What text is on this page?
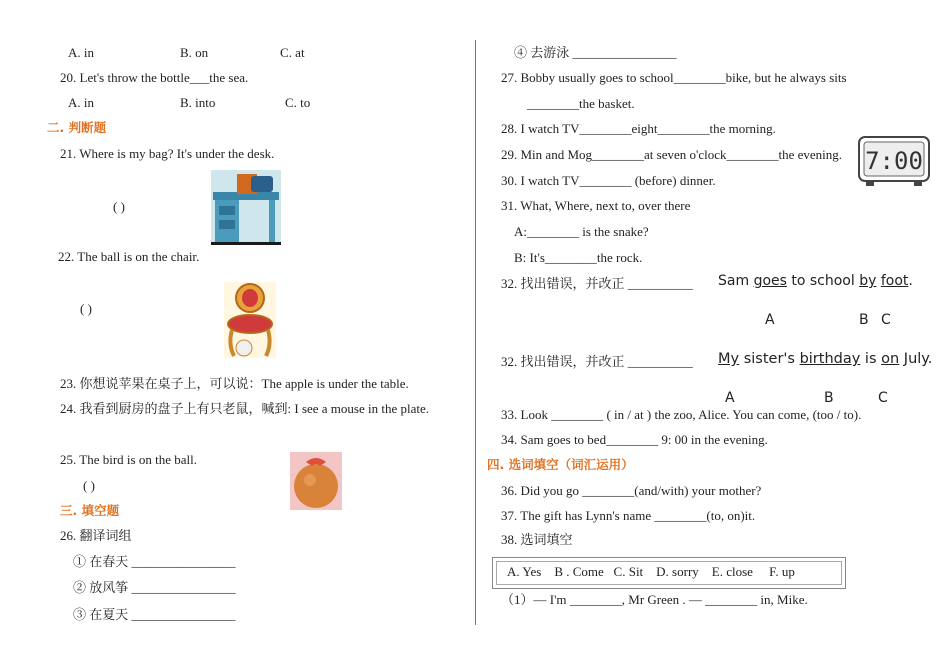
A. in	B. on	C. at
20. Let's throw the bottle___the sea.
A. in	B. into	C. to
二. 判断题
21. Where is my bag? It's under the desk.
( )
22. The ball is on the chair.
( )
23. 你想说苹果在桌子上，可以说：The apple is under the table.
24. 我看到厨房的盘子上有只老鼠，喊到: I see a mouse in the plate.
25. The bird is on the ball.
( )
三. 填空题
26. 翻译词组
① 在春天 ________________
② 放风筝 ________________
③ 在夏天 ________________
④ 去游泳 ________________
27. Bobby usually goes to school________bike, but he always sits
________the basket.
28. I watch TV________eight________the morning.
29. Min and Mog________at seven o'clock________the evening.
30. I watch TV________ (before) dinner.
31. What, Where, next to, over there
A:________ is the snake?
B: It's________the rock.
32. 找出错误，并改正 __________ Sam goes to school by foot.
A	B C
32. 找出错误，并改正 __________ My sister's birthday is on July.
A	B	C
33. Look ________ ( in / at ) the zoo, Alice. You can come, (too / to).
34. Sam goes to bed________ 9: 00 in the evening.
四. 选词填空（词汇运用）
36. Did you go ________(and/with) your mother?
37. The gift has Lynn's name ________(to, on)it.
38. 选词填空
（1）— I'm ________, Mr Green . — ________ in, Mike.
A. Yes    B . Come   C. Sit    D. sorry    E. close     F. up
7:00
